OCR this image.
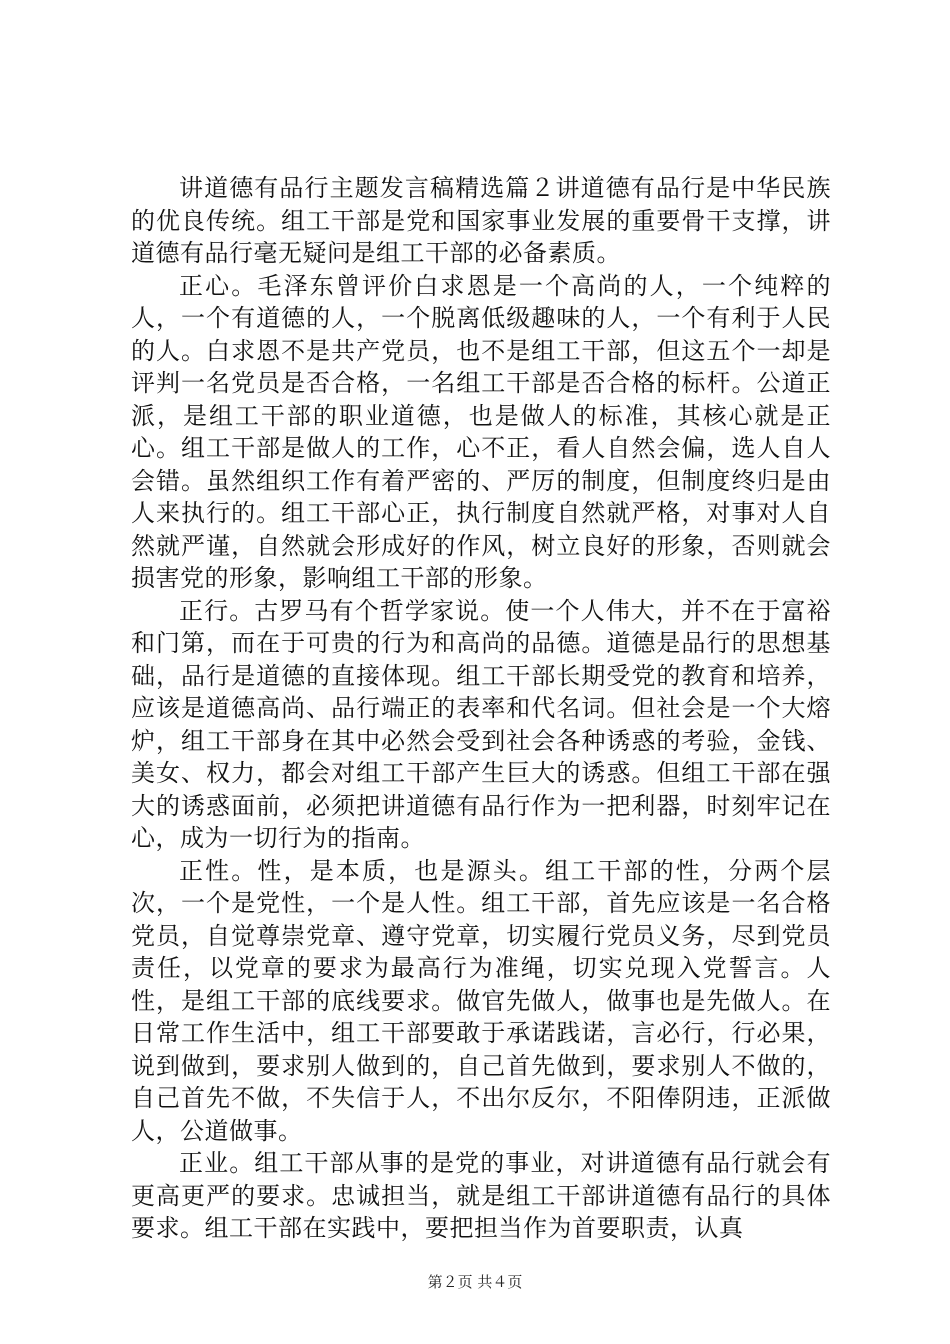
讲道德有品行主题发言稿精选篇２讲道德有品行是中华民族的优良传统。组工干部是党和国家事业发展的重要骨干支撑，讲道德有品行毫无疑问是组工干部的必备素质。

正心。毛泽东曾评价白求恩是一个高尚的人，一个纯粹的人，一个有道德的人，一个脱离低级趣味的人，一个有利于人民的人。白求恩不是共产党员，也不是组工干部，但这五个一却是评判一名党员是否合格，一名组工干部是否合格的标杆。公道正派，是组工干部的职业道德，也是做人的标准，其核心就是正心。组工干部是做人的工作，心不正，看人自然会偏，选人自人会错。虽然组织工作有着严密的、严厉的制度，但制度终归是由人来执行的。组工干部心正，执行制度自然就严格，对事对人自然就严谨，自然就会形成好的作风，树立良好的形象，否则就会损害党的形象，影响组工干部的形象。

正行。古罗马有个哲学家说。使一个人伟大，并不在于富裕和门第，而在于可贵的行为和高尚的品德。道德是品行的思想基础，品行是道德的直接体现。组工干部长期受党的教育和培养，应该是道德高尚、品行端正的表率和代名词。但社会是一个大熔炉，组工干部身在其中必然会受到社会各种诱惑的考验，金钱、美女、权力，都会对组工干部产生巨大的诱惑。但组工干部在强大的诱惑面前，必须把讲道德有品行作为一把利器，时刻牢记在心，成为一切行为的指南。

正性。性，是本质，也是源头。组工干部的性，分两个层次，一个是党性，一个是人性。组工干部，首先应该是一名合格党员，自觉尊崇党章、遵守党章，切实履行党员义务，尽到党员责任，以党章的要求为最高行为准绳，切实兑现入党誓言。人性，是组工干部的底线要求。做官先做人，做事也是先做人。在日常工作生活中，组工干部要敢于承诺践诺，言必行，行必果，说到做到，要求别人做到的，自己首先做到，要求别人不做的，自己首先不做，不失信于人，不出尔反尔，不阳俸阴违，正派做人，公道做事。

正业。组工干部从事的是党的事业，对讲道德有品行就会有更高更严的要求。忠诚担当，就是组工干部讲道德有品行的具体要求。组工干部在实践中，要把担当作为首要职责，认真

第２页 共４页
